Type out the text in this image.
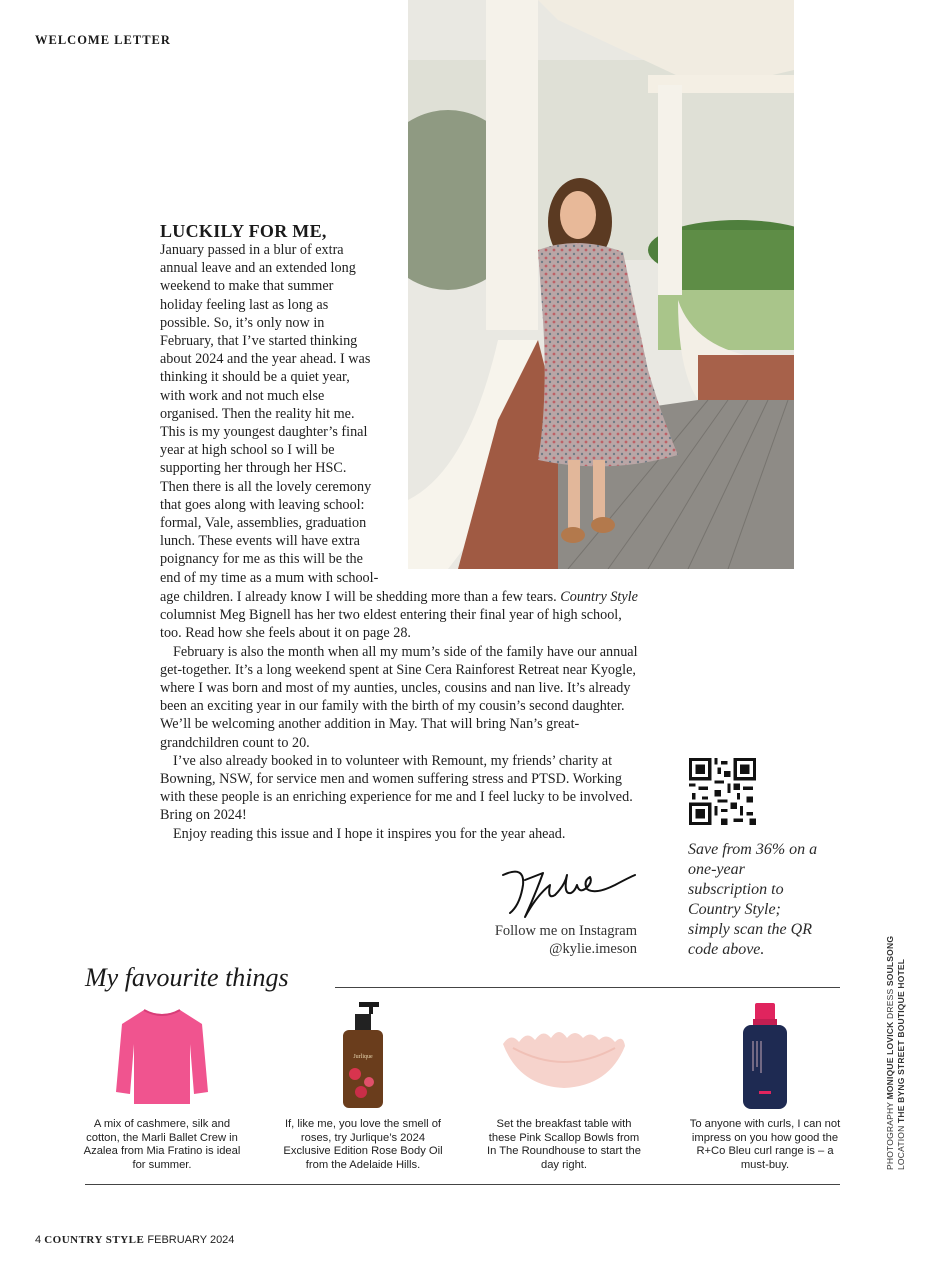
WELCOME LETTER
LUCKILY FOR ME,
January passed in a blur of extra
annual leave and an extended long
weekend to make that summer
holiday feeling last as long as
possible. So, it’s only now in
February, that I’ve started thinking
about 2024 and the year ahead. I was
thinking it should be a quiet year,
with work and not much else
organised. Then the reality hit me.
This is my youngest daughter’s final
year at high school so I will be
supporting her through her HSC.
Then there is all the lovely ceremony
that goes along with leaving school:
formal, Vale, assemblies, graduation
lunch. These events will have extra
poignancy for me as this will be the
end of my time as a mum with school-

age children. I already know I will be shedding more than a few tears. Country Style columnist Meg Bignell has her two eldest entering their final year of high school, too. Read how she feels about it on page 28.

February is also the month when all my mum’s side of the family have our annual get-together. It’s a long weekend spent at Sine Cera Rainforest Retreat near Kyogle, where I was born and most of my aunties, uncles, cousins and nan live. It’s already been an exciting year in our family with the birth of my cousin’s second daughter. We’ll be welcoming another addition in May. That will bring Nan’s great-grandchildren count to 20.

I’ve also already booked in to volunteer with Remount, my friends’ charity at Bowning, NSW, for service men and women suffering stress and PTSD. Working with these people is an enriching experience for me and I feel lucky to be involved. Bring on 2024!

Enjoy reading this issue and I hope it inspires you for the year ahead.

Save from 36% on a one-year subscription to Country Style; simply scan the QR code above.
Follow me on Instagram
@kylie.imeson
My favourite things
A mix of cashmere, silk and cotton, the Marli Ballet Crew in Azalea from Mia Fratino is ideal for summer.
Jurlique
If, like me, you love the smell of roses, try Jurlique’s 2024 Exclusive Edition Rose Body Oil from the Adelaide Hills.
Set the breakfast table with these Pink Scallop Bowls from In The Roundhouse to start the day right.
To anyone with curls, I can not impress on you how good the R+Co Bleu curl range is – a must-buy.	PHOTOGRAPHY MONIQUE LOVICK DRESS SOULSONG
LOCATION THE BYNG STREET BOUTIQUE HOTEL
4 COUNTRY STYLE FEBRUARY 2024
